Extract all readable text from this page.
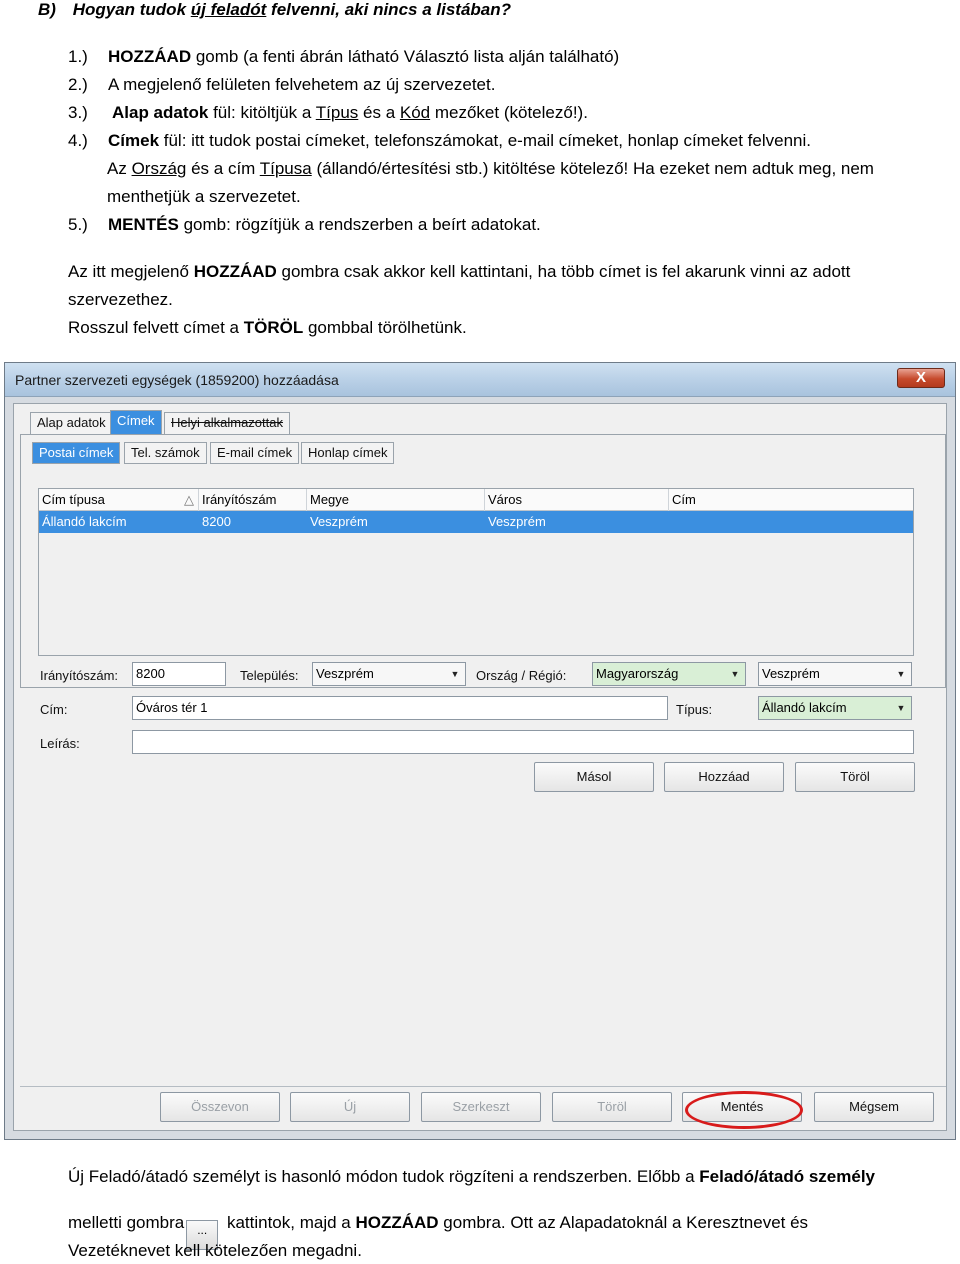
B) Hogyan tudok új feladót felvenni, aki nincs a listában?
1.) HOZZÁAD gomb (a fenti ábrán látható Választó lista alján található)
2.) A megjelenő felületen felvehetem az új szervezetet.
3.) Alap adatok fül: kitöltjük a Típus és a Kód mezőket (kötelező!).
4.) Címek fül: itt tudok postai címeket, telefonszámokat, e-mail címeket, honlap címeket felvenni.
Az Ország és a cím Típusa (állandó/értesítési stb.) kitöltése kötelező! Ha ezeket nem adtuk meg, nem
menthetjük a szervezetet.
5.) MENTÉS gomb: rögzítjük a rendszerben a beírt adatokat.
Az itt megjelenő HOZZÁAD gombra csak akkor kell kattintani, ha több címet is fel akarunk vinni az adott
szervezethez.
Rosszul felvett címet a TÖRÖL gombbal törölhetünk.
Partner szervezeti egységek (1859200) hozzáadása	X
Alap adatok Címek	Helyi alkalmazottak
Postai címek	Tel. számok	E-mail címek	Honlap címek
Cím típusa	△ Irányítószám	Megye	Város	Cím
Állandó lakcím	8200	Veszprém	Veszprém
Irányítószám:	8200	Település:	Veszprém	▼ Ország / Régió:	Magyarország	▼	Veszprém	▼
Cím:	Óváros tér 1	Típus:	Állandó lakcím	▼
Leírás:
Másol	Hozzáad	Töröl
Összevon	Új	Szerkeszt	Töröl	Mentés	Mégsem
Új Feladó/átadó személyt is hasonló módon tudok rögzíteni a rendszerben. Előbb a Feladó/átadó személy
melletti gombra ... kattintok, majd a HOZZÁAD gombra. Ott az Alapadatoknál a Keresztnevet és
Vezetéknevet kell kötelezően megadni.
